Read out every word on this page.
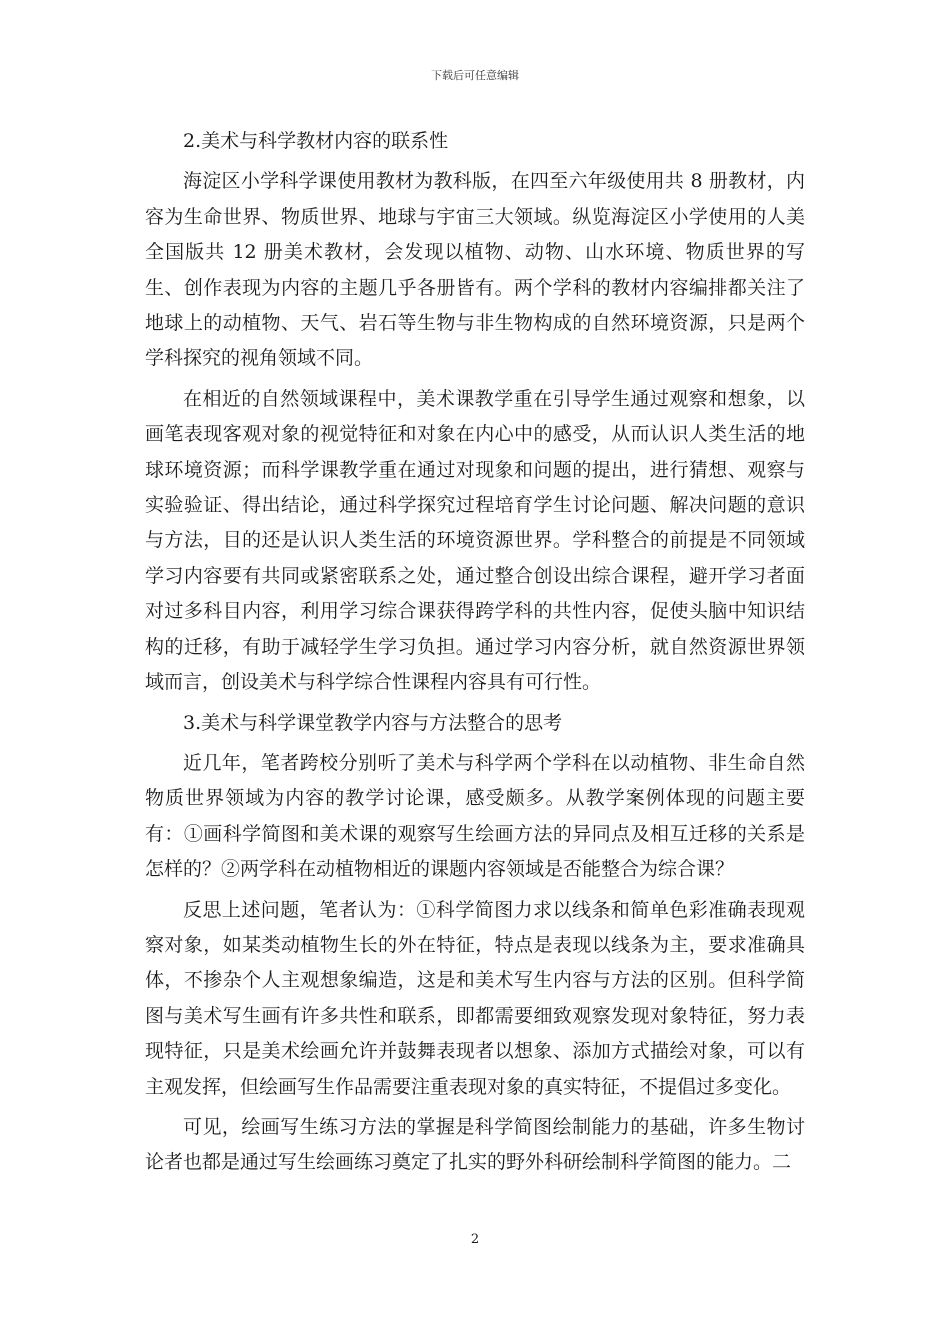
下载后可任意编辑
2.美术与科学教材内容的联系性

海淀区小学科学课使用教材为教科版，在四至六年级使用共 8 册教材，内容为生命世界、物质世界、地球与宇宙三大领域。纵览海淀区小学使用的人美全国版共 12 册美术教材，会发现以植物、动物、山水环境、物质世界的写生、创作表现为内容的主题几乎各册皆有。两个学科的教材内容编排都关注了地球上的动植物、天气、岩石等生物与非生物构成的自然环境资源，只是两个学科探究的视角领域不同。

在相近的自然领域课程中，美术课教学重在引导学生通过观察和想象，以画笔表现客观对象的视觉特征和对象在内心中的感受，从而认识人类生活的地球环境资源；而科学课教学重在通过对现象和问题的提出，进行猜想、观察与实验验证、得出结论，通过科学探究过程培育学生讨论问题、解决问题的意识与方法，目的还是认识人类生活的环境资源世界。学科整合的前提是不同领域学习内容要有共同或紧密联系之处，通过整合创设出综合课程，避开学习者面对过多科目内容，利用学习综合课获得跨学科的共性内容，促使头脑中知识结构的迁移，有助于减轻学生学习负担。通过学习内容分析，就自然资源世界领域而言，创设美术与科学综合性课程内容具有可行性。

3.美术与科学课堂教学内容与方法整合的思考

近几年，笔者跨校分别听了美术与科学两个学科在以动植物、非生命自然物质世界领域为内容的教学讨论课，感受颇多。从教学案例体现的问题主要有：①画科学简图和美术课的观察写生绘画方法的异同点及相互迁移的关系是怎样的？②两学科在动植物相近的课题内容领域是否能整合为综合课？

反思上述问题，笔者认为：①科学简图力求以线条和简单色彩准确表现观察对象，如某类动植物生长的外在特征，特点是表现以线条为主，要求准确具体，不掺杂个人主观想象编造，这是和美术写生内容与方法的区别。但科学简图与美术写生画有许多共性和联系，即都需要细致观察发现对象特征，努力表现特征，只是美术绘画允许并鼓舞表现者以想象、添加方式描绘对象，可以有主观发挥，但绘画写生作品需要注重表现对象的真实特征，不提倡过多变化。

可见，绘画写生练习方法的掌握是科学简图绘制能力的基础，许多生物讨论者也都是通过写生绘画练习奠定了扎实的野外科研绘制科学简图的能力。二

2
